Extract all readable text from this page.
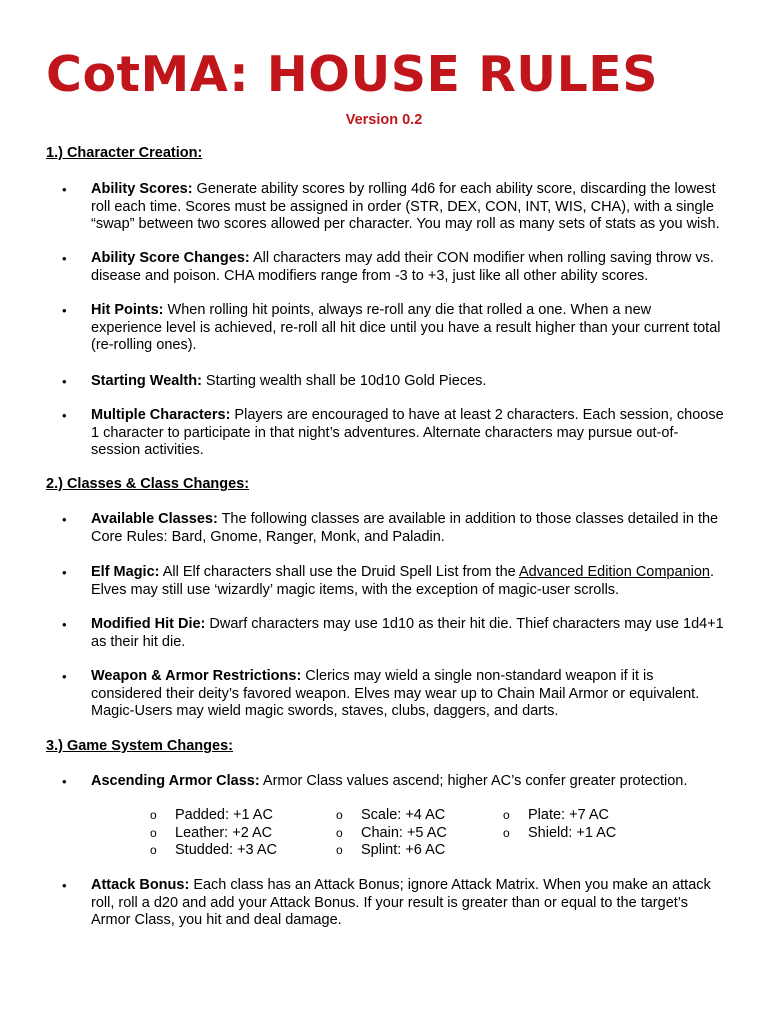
CotMA: HOUSE RULES
Version 0.2

1.) Character Creation:

•	Ability Scores: Generate ability scores by rolling 4d6 for each ability score, discarding the lowest roll each time. Scores must be assigned in order (STR, DEX, CON, INT, WIS, CHA), with a single “swap” between two scores allowed per character. You may roll as many sets of stats as you wish.
•	Ability Score Changes: All characters may add their CON modifier when rolling saving throw vs. disease and poison. CHA modifiers range from -3 to +3, just like all other ability scores.
•	Hit Points: When rolling hit points, always re-roll any die that rolled a one. When a new experience level is achieved, re-roll all hit dice until you have a result higher than your current total (re-rolling ones).
•	Starting Wealth: Starting wealth shall be 10d10 Gold Pieces.
•	Multiple Characters: Players are encouraged to have at least 2 characters. Each session, choose 1 character to participate in that night’s adventures. Alternate characters may pursue out-of-session activities.

2.) Classes & Class Changes:

•	Available Classes: The following classes are available in addition to those classes detailed in the Core Rules: Bard, Gnome, Ranger, Monk, and Paladin.
•	Elf Magic: All Elf characters shall use the Druid Spell List from the Advanced Edition Companion. Elves may still use ‘wizardly’ magic items, with the exception of magic-user scrolls.
•	Modified Hit Die: Dwarf characters may use 1d10 as their hit die. Thief characters may use 1d4+1 as their hit die.
•	Weapon & Armor Restrictions: Clerics may wield a single non-standard weapon if it is considered their deity’s favored weapon. Elves may wear up to Chain Mail Armor or equivalent. Magic-Users may wield magic swords, staves, clubs, daggers, and darts.

3.) Game System Changes:

•	Ascending Armor Class: Armor Class values ascend; higher AC’s confer greater protection.
o Padded: +1 AC
o Leather: +2 AC
o Studded: +3 AC
o Scale: +4 AC
o Chain: +5 AC
o Splint: +6 AC
o Plate: +7 AC
o Shield: +1 AC
•	Attack Bonus: Each class has an Attack Bonus; ignore Attack Matrix. When you make an attack roll, roll a d20 and add your Attack Bonus. If your result is greater than or equal to the target’s Armor Class, you hit and deal damage.
